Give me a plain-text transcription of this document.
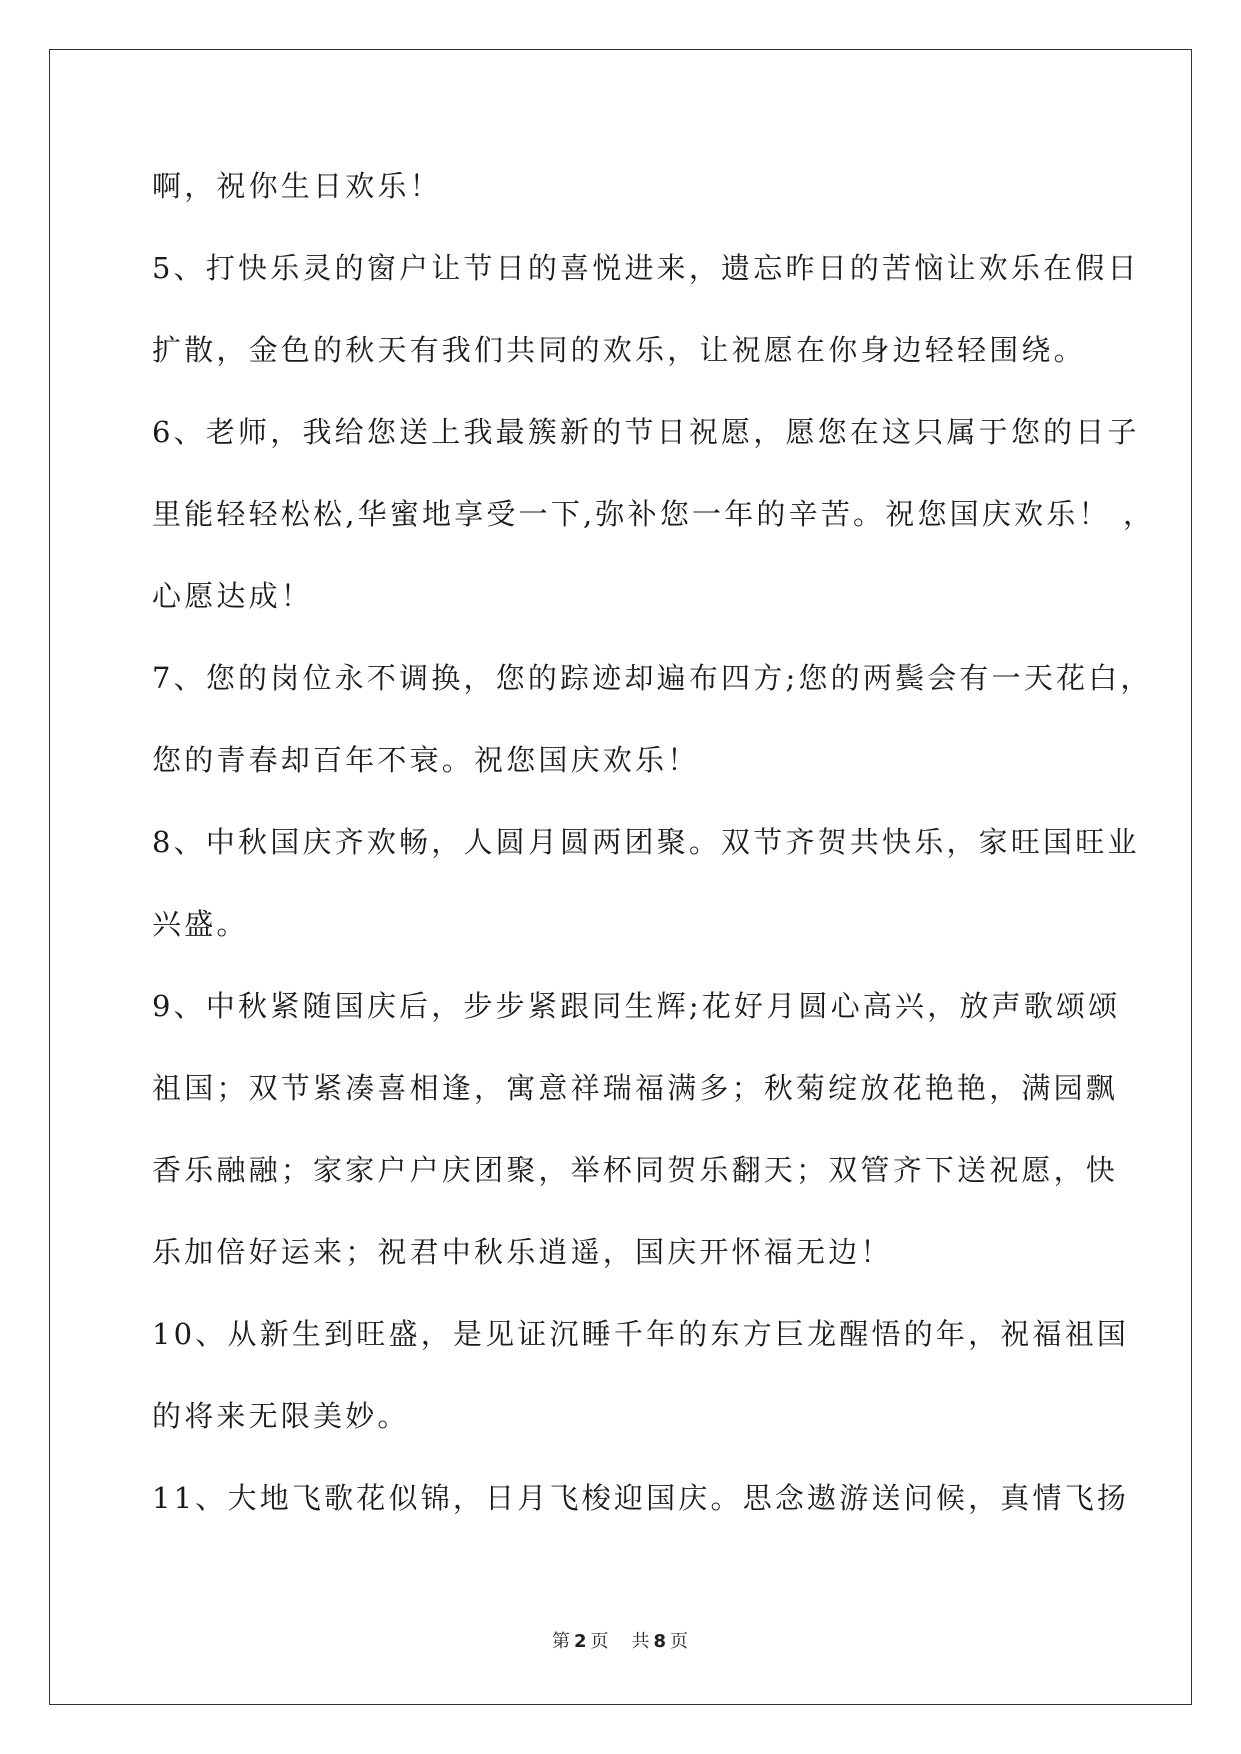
啊，祝你生日欢乐！
5、打快乐灵的窗户让节日的喜悦进来，遗忘昨日的苦恼让欢乐在假日
扩散，金色的秋天有我们共同的欢乐，让祝愿在你身边轻轻围绕。
6、老师，我给您送上我最簇新的节日祝愿，愿您在这只属于您的日子
里能轻轻松松,华蜜地享受一下,弥补您一年的辛苦。祝您国庆欢乐！ ，
心愿达成！
7、您的岗位永不调换，您的踪迹却遍布四方;您的两鬓会有一天花白，
您的青春却百年不衰。祝您国庆欢乐！
8、中秋国庆齐欢畅，人圆月圆两团聚。双节齐贺共快乐，家旺国旺业
兴盛。
9、中秋紧随国庆后，步步紧跟同生辉;花好月圆心高兴，放声歌颂颂
祖国；双节紧凑喜相逢，寓意祥瑞福满多；秋菊绽放花艳艳，满园飘
香乐融融；家家户户庆团聚，举杯同贺乐翻天；双管齐下送祝愿，快
乐加倍好运来；祝君中秋乐逍遥，国庆开怀福无边！
10、从新生到旺盛，是见证沉睡千年的东方巨龙醒悟的年，祝福祖国
的将来无限美妙。
11、大地飞歌花似锦，日月飞梭迎国庆。思念遨游送问候，真情飞扬
第 2 页 共 8 页
